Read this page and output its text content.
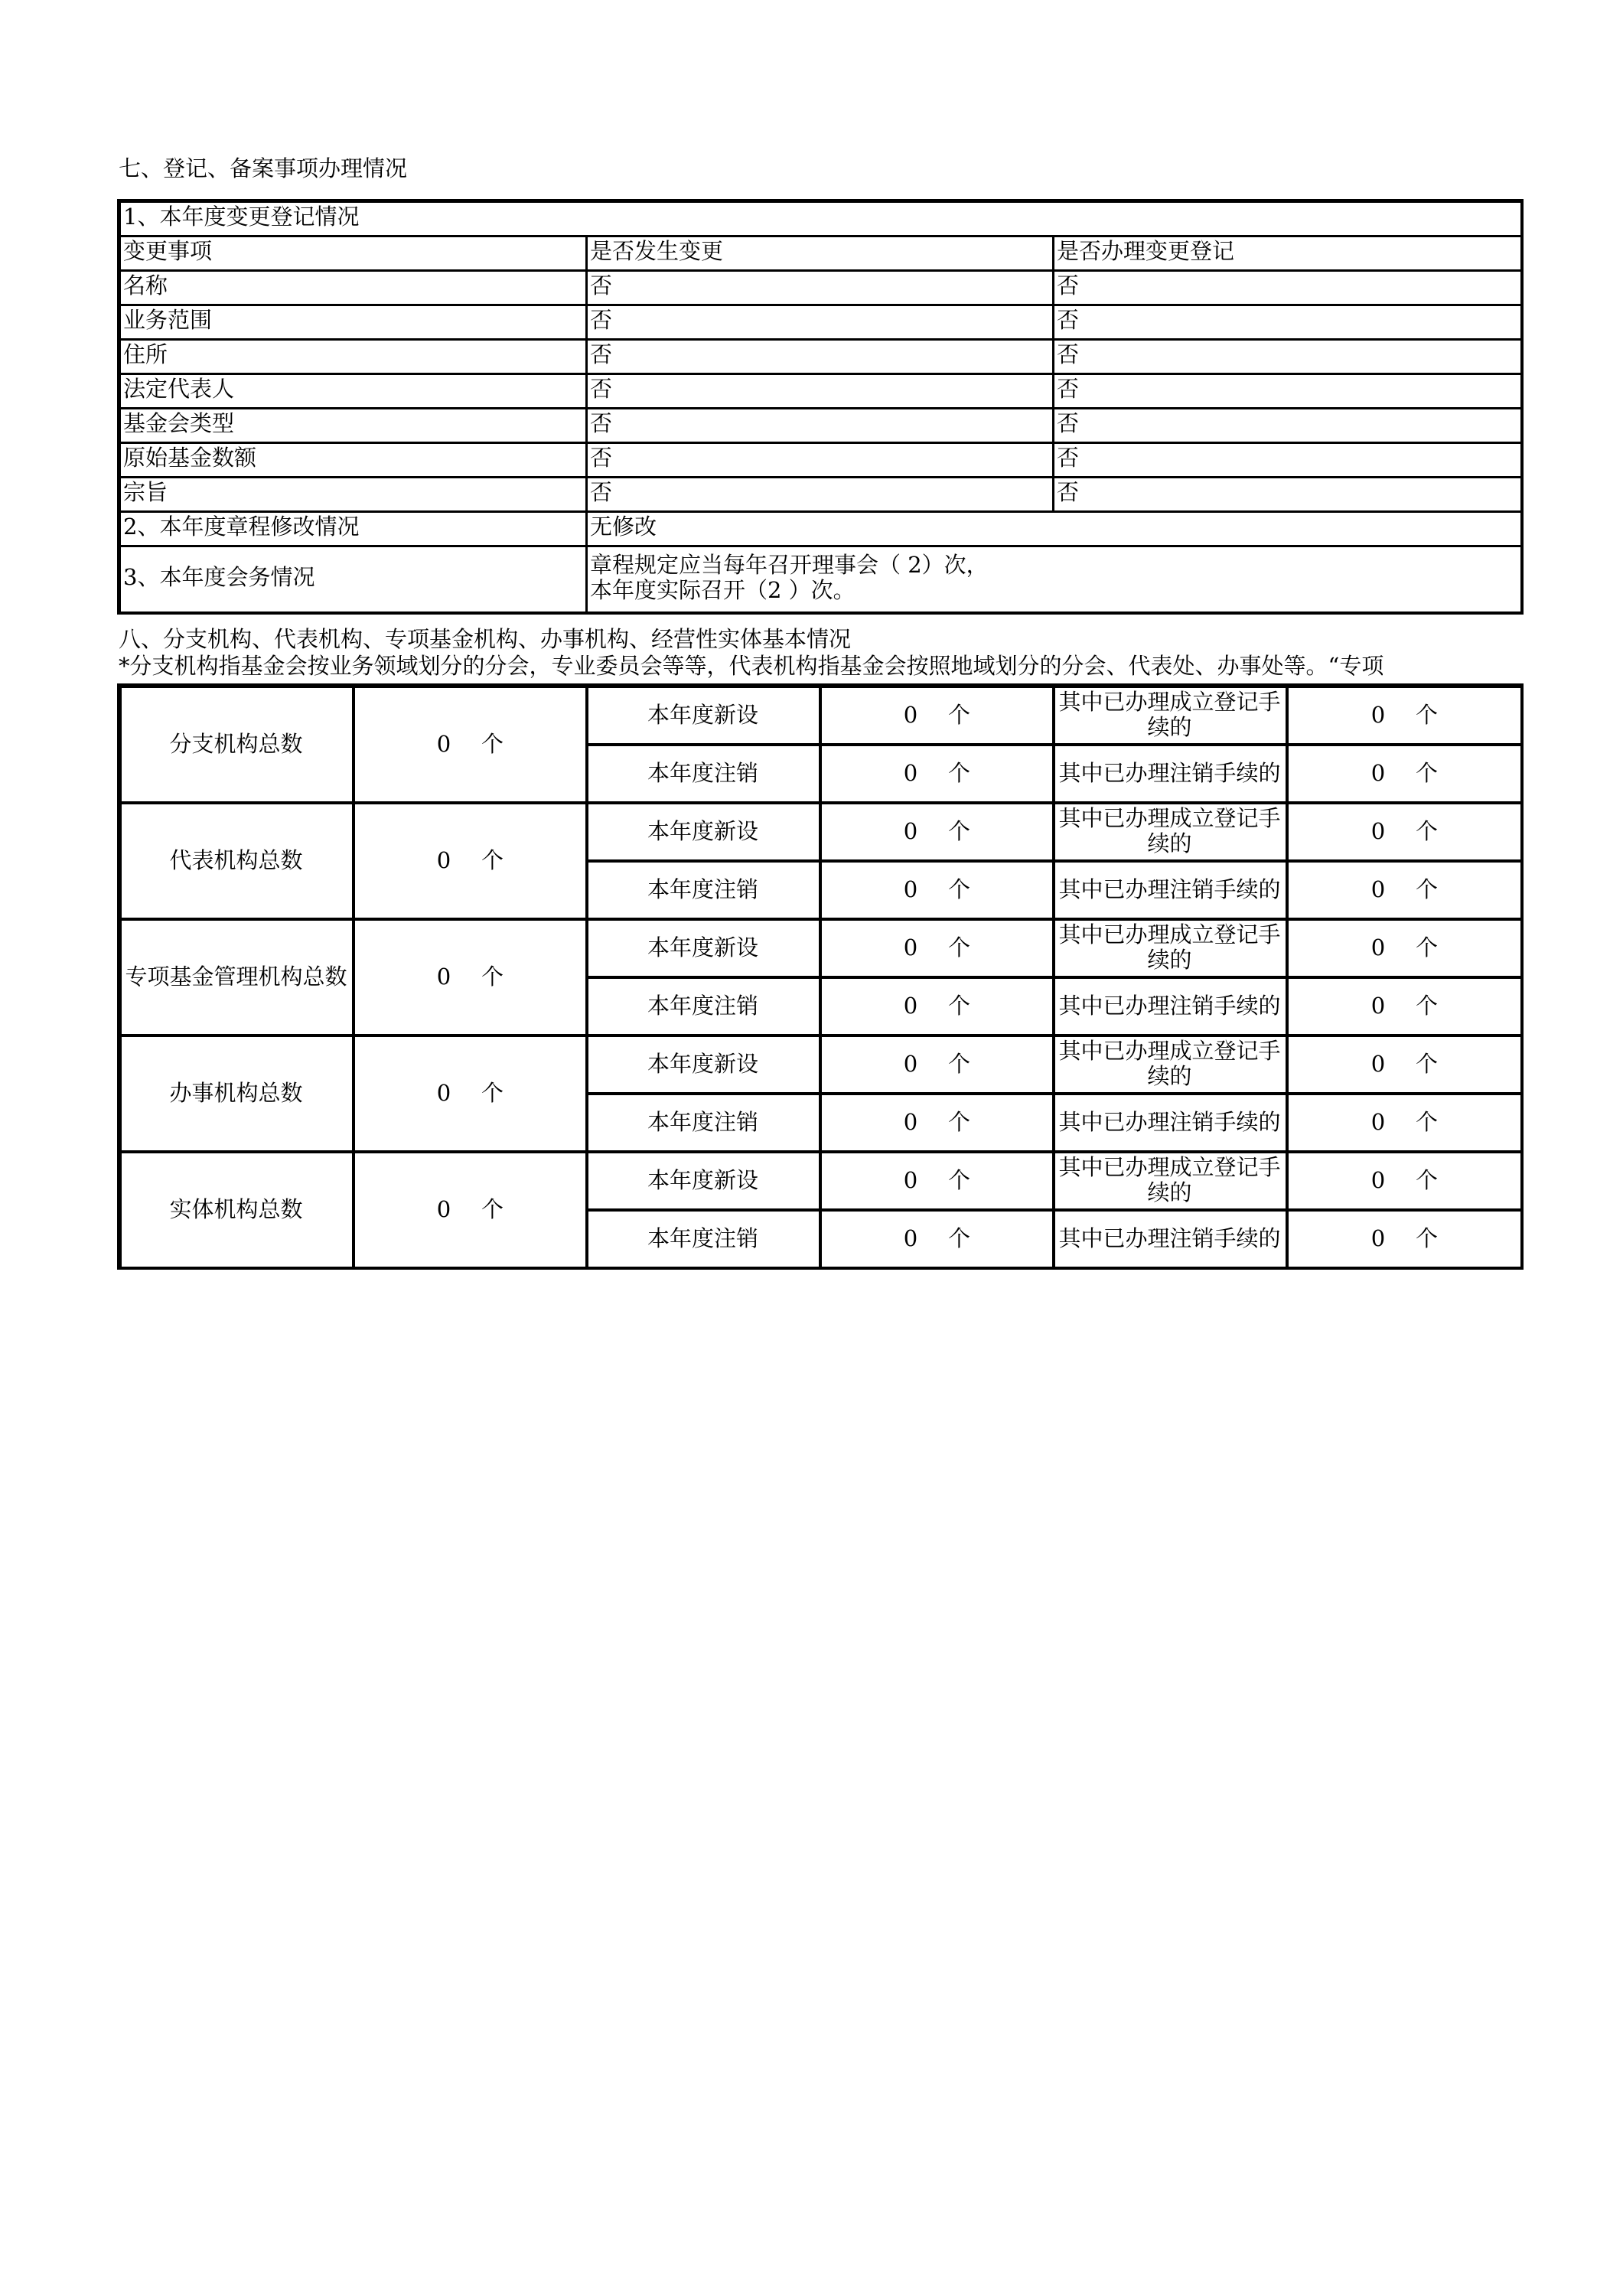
七、登记、备案事项办理情况
1、本年度变更登记情况		
变更事项	是否发生变更	是否办理变更登记
名称	否	否
业务范围	否	否
住所	否	否
法定代表人	否	否
基金会类型	否	否
原始基金数额	否	否
宗旨	否	否
2、本年度章程修改情况	无修改	
3、本年度会务情况	章程规定应当每年召开理事会（ 2）次，
本年度实际召开（2 ）次。	
八、分支机构、代表机构、专项基金机构、办事机构、经营性实体基本情况
*分支机构指基金会按业务领域划分的分会，专业委员会等等，代表机构指基金会按照地域划分的分会、代表处、办事处等。“专项
分支机构总数	0 个	本年度新设	0 个	其中已办理成立登记手续的	0 个
		本年度注销	0 个	其中已办理注销手续的	0 个
代表机构总数	0 个	本年度新设	0 个	其中已办理成立登记手续的	0 个
		本年度注销	0 个	其中已办理注销手续的	0 个
专项基金管理机构总数	0 个	本年度新设	0 个	其中已办理成立登记手续的	0 个
		本年度注销	0 个	其中已办理注销手续的	0 个
办事机构总数	0 个	本年度新设	0 个	其中已办理成立登记手续的	0 个
		本年度注销	0 个	其中已办理注销手续的	0 个
实体机构总数	0 个	本年度新设	0 个	其中已办理成立登记手续的	0 个
		本年度注销	0 个	其中已办理注销手续的	0 个
